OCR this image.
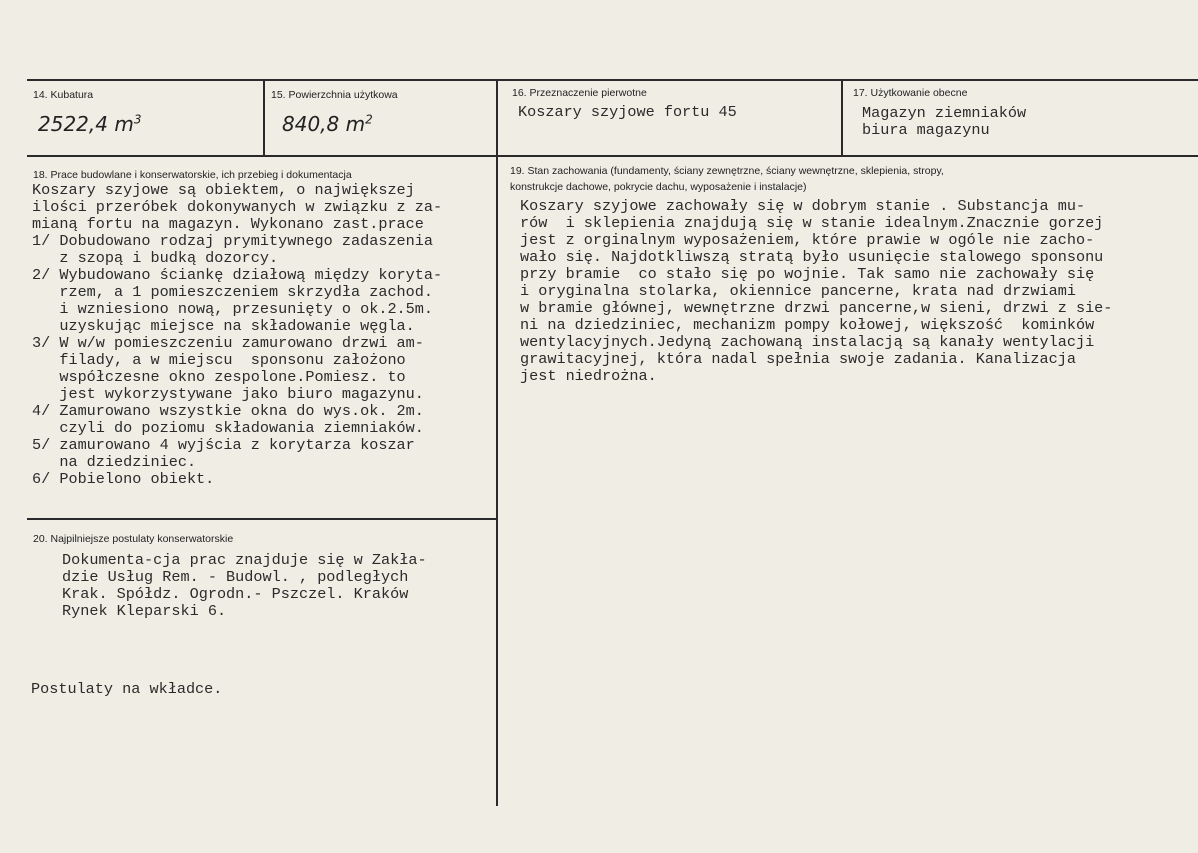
14. Kubatura
2522,4 $m^3$
15. Powierzchnia użytkowa
840,8 $m^2$
16. Przeznaczenie pierwotne
Koszary szyjowe fortu 45
17. Użytkowanie obecne
Magazyn ziemniaków
biura magazynu
18. Prace budowlane i konserwatorskie, ich przebieg i dokumentacja
Koszary szyjowe są obiektem, o największej
ilości przeróbek dokonywanych w związku z za-
mianą fortu na magazyn. Wykonano zast.prace
1/ Dobudowano rodzaj prymitywnego zadaszenia
z szopą i budką dozorcy.
2/ Wybudowano ściankę działową między koryta-
rzem, a 1 pomieszczeniem skrzydła zachod.
i wzniesiono nową, przesunięty o ok.2.5m.
uzyskując miejsce na składowanie węgla.
3/ W w/w pomieszczeniu zamurowano drzwi am-
filady, a w miejscu  sponsonu założono
współczesne okno zespolone.Pomiesz. to
jest wykorzystywane jako biuro magazynu.
4/ Zamurowano wszystkie okna do wys.ok. 2m.
czyli do poziomu składowania ziemniaków.
5/ zamurowano 4 wyjścia z korytarza koszar
na dziedziniec.
6/ Pobielono obiekt.
19. Stan zachowania (fundamenty, ściany zewnętrzne, ściany wewnętrzne, sklepienia, stropy,
konstrukcje dachowe, pokrycie dachu, wyposażenie i instalacje)
Koszary szyjowe zachowały się w dobrym stanie . Substancja mu-
rów  i sklepienia znajdują się w stanie idealnym.Znacznie gorzej
jest z orginalnym wyposażeniem, które prawie w ogóle nie zacho-
wało się. Najdotkliwszą stratą było usunięcie stalowego sponsonu
przy bramie  co stało się po wojnie. Tak samo nie zachowały się
i oryginalna stolarka, okiennice pancerne, krata nad drzwiami
w bramie głównej, wewnętrzne drzwi pancerne,w sieni, drzwi z sie-
ni na dziedziniec, mechanizm pompy kołowej, większość  kominków
wentylacyjnych.Jedyną zachowaną instalacją są kanały wentylacji
grawitacyjnej, która nadal spełnia swoje zadania. Kanalizacja
jest niedrożna.
20. Najpilniejsze postulaty konserwatorskie
Dokumenta-cja prac znajduje się w Zakła-
dzie Usług Rem. - Budowl. , podległych
Krak. Spółdz. Ogrodn.- Pszczel. Kraków
Rynek Kleparski 6.
Postulaty na wkładce.
